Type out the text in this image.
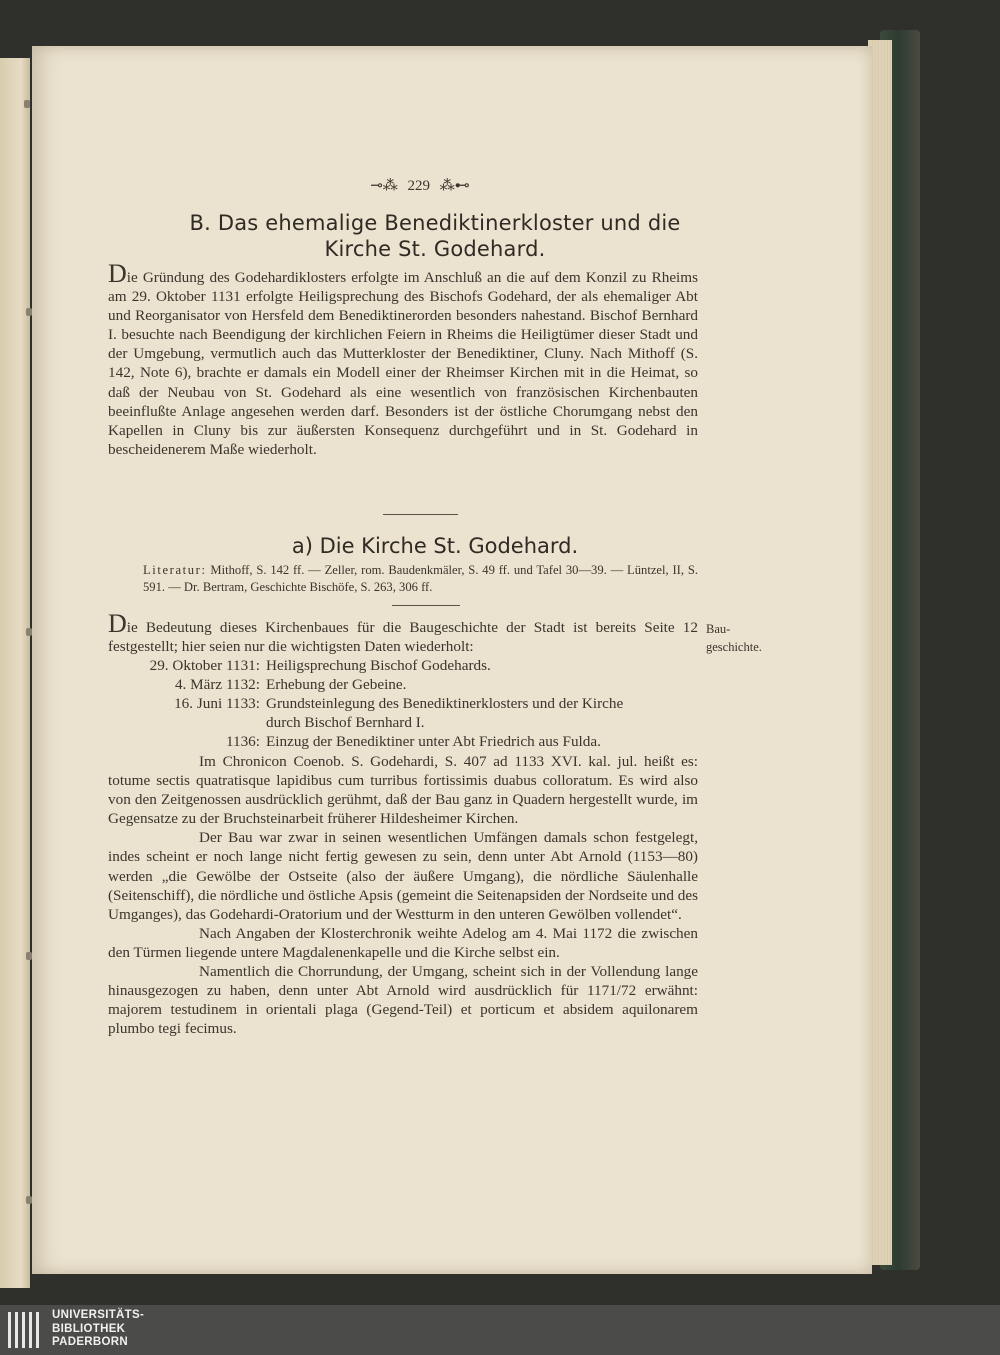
⊸⁂ 229 ⁂⊷
B. Das ehemalige Benediktinerkloster und die
Kirche St. Godehard.

Die Gründung des Godehardiklosters erfolgte im Anschluß an die auf dem Konzil zu Rheims am 29. Oktober 1131 erfolgte Heiligsprechung des Bischofs Godehard, der als ehemaliger Abt und Reorganisator von Hersfeld dem Benediktinerorden besonders nahestand. Bischof Bernhard I. besuchte nach Beendigung der kirchlichen Feiern in Rheims die Heiligtümer dieser Stadt und der Umgebung, vermutlich auch das Mutterkloster der Benediktiner, Cluny. Nach Mithoff (S. 142, Note 6), brachte er damals ein Modell einer der Rheimser Kirchen mit in die Heimat, so daß der Neubau von St. Godehard als eine wesentlich von französischen Kirchenbauten beeinflußte Anlage angesehen werden darf. Besonders ist der östliche Chorumgang nebst den Kapellen in Cluny bis zur äußersten Konsequenz durchgeführt und in St. Godehard in bescheidenerem Maße wiederholt.

a) Die Kirche St. Godehard.
Literatur: Mithoff, S. 142 ff. — Zeller, rom. Baudenkmäler, S. 49 ff. und Tafel 30—39. — Lüntzel, II, S. 591. — Dr. Bertram, Geschichte Bischöfe, S. 263, 306 ff.
Bau-
geschichte.

Die Bedeutung dieses Kirchenbaues für die Baugeschichte der Stadt ist bereits Seite 12 festgestellt; hier seien nur die wichtigsten Daten wiederholt:

29. Oktober 1131: Heiligsprechung Bischof Godehards.
4. März 1132: Erhebung der Gebeine.
16. Juni 1133: Grundsteinlegung des Benediktinerklosters und der Kirche
durch Bischof Bernhard I.
1136: Einzug der Benediktiner unter Abt Friedrich aus Fulda.

Im Chronicon Coenob. S. Godehardi, S. 407 ad 1133 XVI. kal. jul. heißt es: totume sectis quatratisque lapidibus cum turribus fortissimis duabus colloratum. Es wird also von den Zeitgenossen ausdrücklich gerühmt, daß der Bau ganz in Quadern hergestellt wurde, im Gegensatze zu der Bruchsteinarbeit früherer Hildesheimer Kirchen.

Der Bau war zwar in seinen wesentlichen Umfängen damals schon festgelegt, indes scheint er noch lange nicht fertig gewesen zu sein, denn unter Abt Arnold (1153—80) werden „die Gewölbe der Ostseite (also der äußere Umgang), die nördliche Säulenhalle (Seitenschiff), die nördliche und östliche Apsis (gemeint die Seitenapsiden der Nordseite und des Umganges), das Godehardi-Oratorium und der Westturm in den unteren Gewölben vollendet“.

Nach Angaben der Klosterchronik weihte Adelog am 4. Mai 1172 die zwischen den Türmen liegende untere Magdalenenkapelle und die Kirche selbst ein.

Namentlich die Chorrundung, der Umgang, scheint sich in der Vollendung lange hinausgezogen zu haben, denn unter Abt Arnold wird ausdrücklich für 1171/72 erwähnt: majorem testudinem in orientali plaga (Gegend-Teil) et porticum et absidem aquilonarem plumbo tegi fecimus.

UNIVERSITÄTS-
BIBLIOTHEK
PADERBORN
